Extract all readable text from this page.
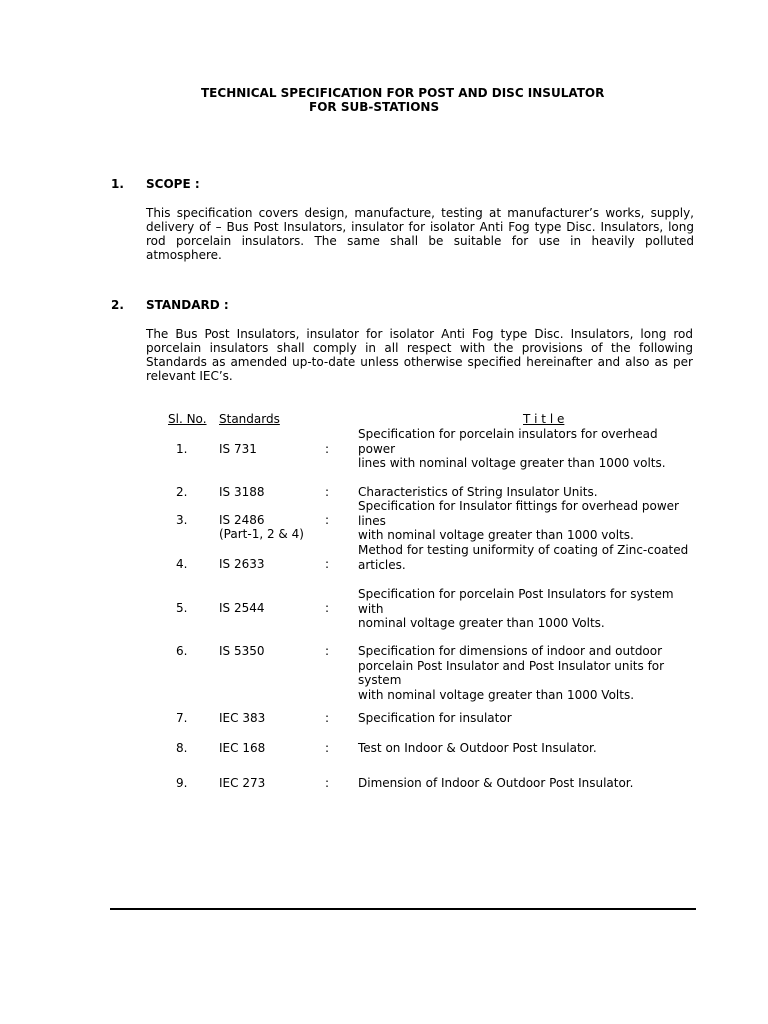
TECHNICAL SPECIFICATION FOR POST AND DISC INSULATOR
FOR SUB-STATIONS
1. SCOPE :
This specification covers design, manufacture, testing at manufacturer’s works, supply, delivery of – Bus Post Insulators, insulator for isolator Anti Fog type Disc. Insulators, long rod porcelain insulators. The same shall be suitable for use in heavily polluted atmosphere.
2. STANDARD :
The Bus Post Insulators, insulator for isolator Anti Fog type Disc. Insulators, long rod porcelain insulators shall comply in all respect with the provisions of the following Standards as amended up-to-date unless otherwise specified hereinafter and also as per relevant IEC’s.
Sl. No. Standards	T i t l e
1.	IS 731	:
Specification for porcelain insulators for overhead power
lines with nominal voltage greater than 1000 volts.
2.	IS 3188	: Characteristics of String Insulator Units.
3.	IS 2486
(Part-1, 2 & 4)
:
Specification for Insulator fittings for overhead power lines
with nominal voltage greater than 1000 volts.
4.	IS 2633	:
Method for testing uniformity of coating of Zinc-coated
articles.
5.	IS 2544	:
Specification for porcelain Post Insulators for system with
nominal voltage greater than 1000 Volts.
6.	IS 5350	: Specification for dimensions of indoor and outdoor porcelain Post Insulator and Post Insulator units for system
with nominal voltage greater than 1000 Volts.
7.	IEC 383	: Specification for insulator
8.	IEC 168	: Test on Indoor & Outdoor Post Insulator.
9.	IEC 273	: Dimension of Indoor & Outdoor Post Insulator.
